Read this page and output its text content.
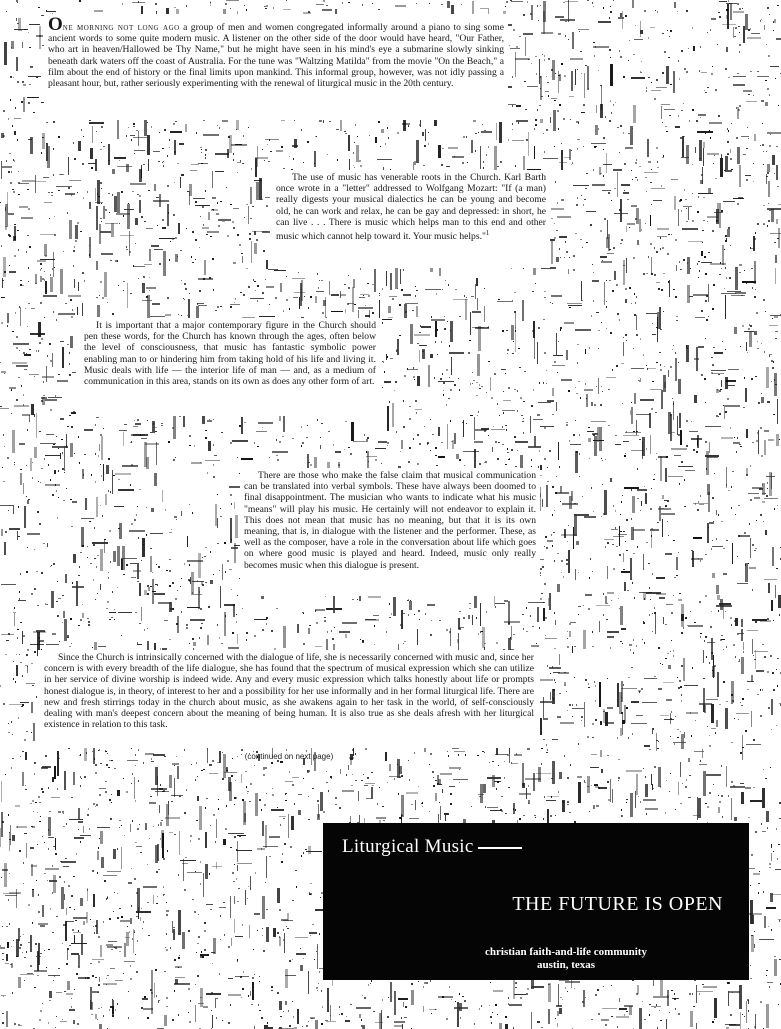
One morning not long ago a group of men and women congregated informally around a piano to sing some ancient words to some quite modern music. A listener on the other side of the door would have heard, "Our Father, who art in heaven/Hallowed be Thy Name," but he might have seen in his mind's eye a submarine slowly sinking beneath dark waters off the coast of Australia. For the tune was "Waltzing Matilda" from the movie "On the Beach," a film about the end of history or the final limits upon mankind. This informal group, however, was not idly passing a pleasant hour, but, rather seriously experimenting with the renewal of liturgical music in the 20th century.

The use of music has venerable roots in the Church. Karl Barth once wrote in a "letter" addressed to Wolfgang Mozart: "If (a man) really digests your musical dialectics he can be young and become old, he can work and relax, he can be gay and depressed: in short, he can live . . . There is music which helps man to this end and other music which cannot help toward it. Your music helps."$^1$

It is important that a major contemporary figure in the Church should pen these words, for the Church has known through the ages, often below the level of consciousness, that music has fantastic symbolic power enabling man to or hindering him from taking hold of his life and living it. Music deals with life — the interior life of man — and, as a medium of communication in this area, stands on its own as does any other form of art.

There are those who make the false claim that musical communication can be translated into verbal symbols. These have always been doomed to final disappointment. The musician who wants to indicate what his music "means" will play his music. He certainly will not endeavor to explain it. This does not mean that music has no meaning, but that it is its own meaning, that is, in dialogue with the listener and the performer. These, as well as the composer, have a role in the conversation about life which goes on where good music is played and heard. Indeed, music only really becomes music when this dialogue is present.

Since the Church is intrinsically concerned with the dialogue of life, she is necessarily concerned with music and, since her concern is with every breadth of the life dialogue, she has found that the spectrum of musical expression which she can utilize in her service of divine worship is indeed wide. Any and every music expression which talks honestly about life or prompts honest dialogue is, in theory, of interest to her and a possibility for her use informally and in her formal liturgical life. There are new and fresh stirrings today in the church about music, as she awakens again to her task in the world, of self-consciously dealing with man's deepest concern about the meaning of being human. It is also true as she deals afresh with her liturgical existence in relation to this task.

(continued on next page)
Liturgical Music
THE FUTURE IS OPEN
christian faith-and-life community
austin, texas
